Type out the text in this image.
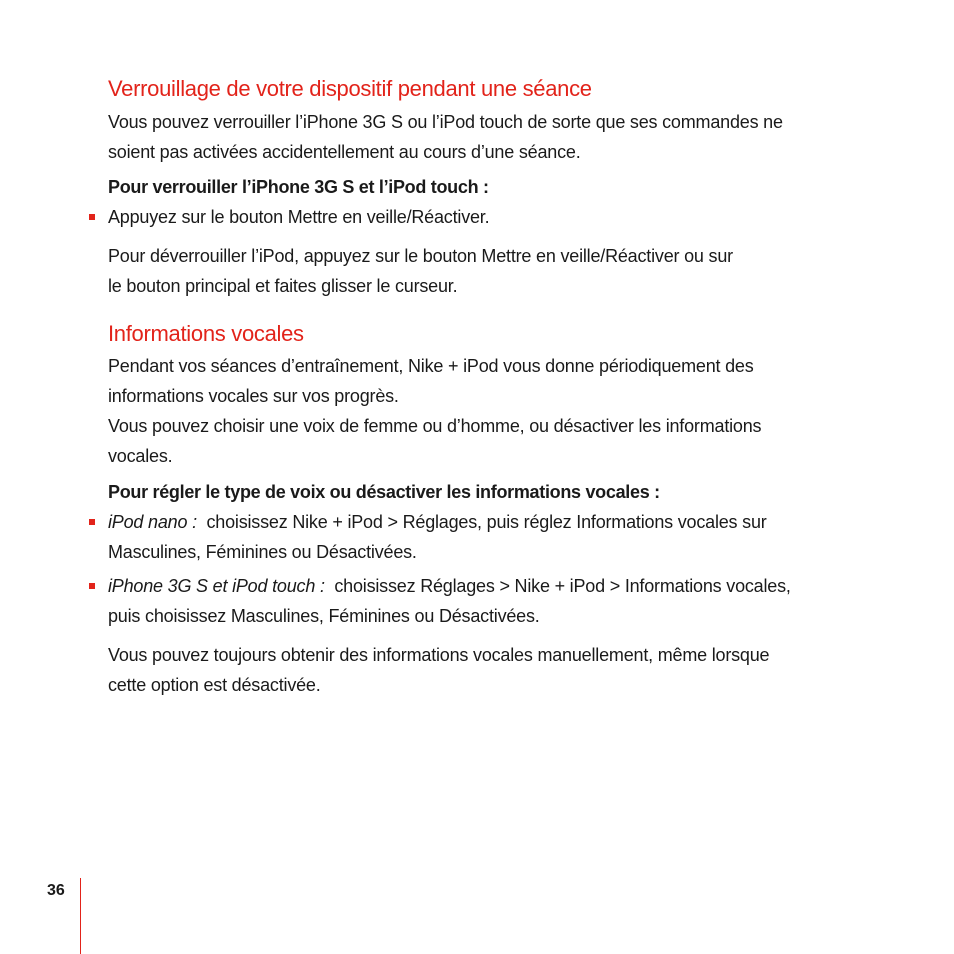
Verrouillage de votre dispositif pendant une séance

Vous pouvez verrouiller l’iPhone 3G S ou l’iPod touch de sorte que ses commandes ne
soient pas activées accidentellement au cours d’une séance.

Pour verrouiller l’iPhone 3G S et l’iPod touch :

Appuyez sur le bouton Mettre en veille/Réactiver.

Pour déverrouiller l’iPod, appuyez sur le bouton Mettre en veille/Réactiver ou sur
le bouton principal et faites glisser le curseur.

Informations vocales

Pendant vos séances d’entraînement, Nike + iPod vous donne périodiquement des
informations vocales sur vos progrès.
Vous pouvez choisir une voix de femme ou d’homme, ou désactiver les informations
vocales.

Pour régler le type de voix ou désactiver les informations vocales :

iPod nano : choisissez Nike + iPod > Réglages, puis réglez Informations vocales sur
Masculines, Féminines ou Désactivées.
iPhone 3G S et iPod touch : choisissez Réglages > Nike + iPod > Informations vocales,
puis choisissez Masculines, Féminines ou Désactivées.

Vous pouvez toujours obtenir des informations vocales manuellement, même lorsque
cette option est désactivée.

36
